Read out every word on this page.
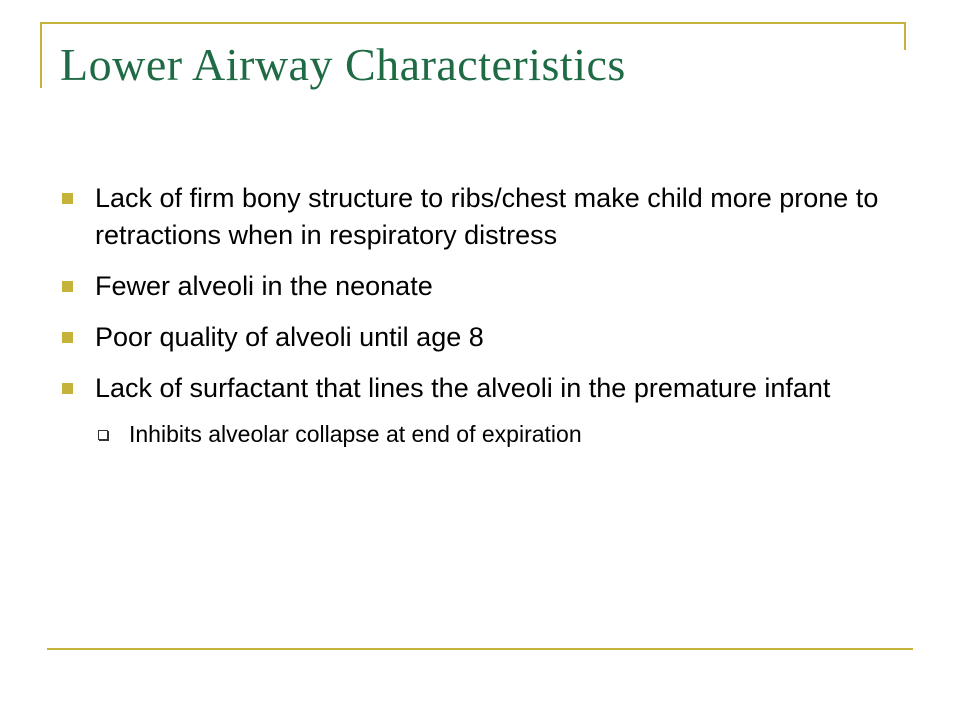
Lower Airway Characteristics
Lack of firm bony structure to ribs/chest make child more prone to retractions when in respiratory distress
Fewer alveoli in the neonate
Poor quality of alveoli until age 8
Lack of surfactant that lines the alveoli in the premature infant
Inhibits alveolar collapse at end of expiration
